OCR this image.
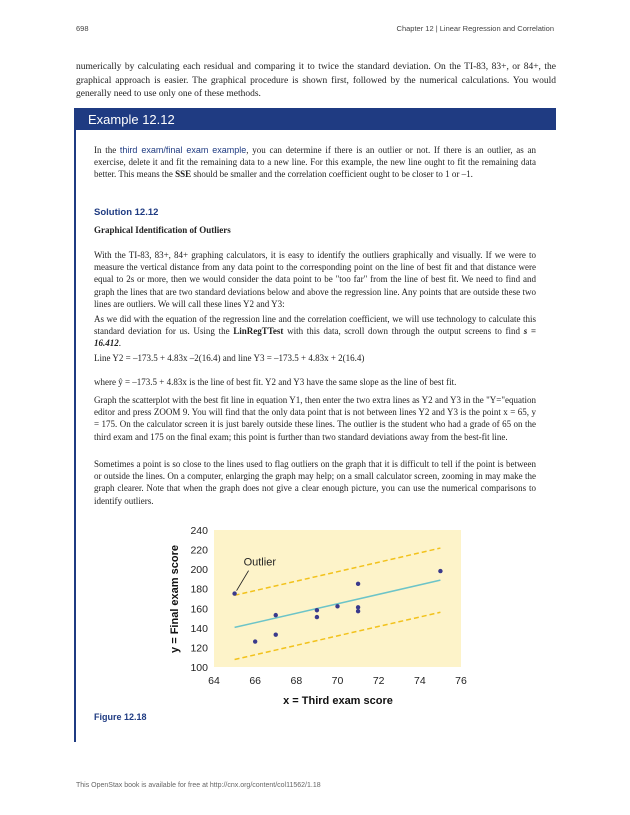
698	Chapter 12 | Linear Regression and Correlation
numerically by calculating each residual and comparing it to twice the standard deviation. On the TI-83, 83+, or 84+, the graphical approach is easier. The graphical procedure is shown first, followed by the numerical calculations. You would generally need to use only one of these methods.
Example 12.12
In the third exam/final exam example, you can determine if there is an outlier or not. If there is an outlier, as an exercise, delete it and fit the remaining data to a new line. For this example, the new line ought to fit the remaining data better. This means the SSE should be smaller and the correlation coefficient ought to be closer to 1 or –1.
Solution 12.12
Graphical Identification of Outliers
With the TI-83, 83+, 84+ graphing calculators, it is easy to identify the outliers graphically and visually. If we were to measure the vertical distance from any data point to the corresponding point on the line of best fit and that distance were equal to 2s or more, then we would consider the data point to be "too far" from the line of best fit. We need to find and graph the lines that are two standard deviations below and above the regression line. Any points that are outside these two lines are outliers. We will call these lines Y2 and Y3:
As we did with the equation of the regression line and the correlation coefficient, we will use technology to calculate this standard deviation for us. Using the LinRegTTest with this data, scroll down through the output screens to find s = 16.412.
Line Y2 = –173.5 + 4.83x –2(16.4) and line Y3 = –173.5 + 4.83x + 2(16.4)
where ŷ = –173.5 + 4.83x is the line of best fit. Y2 and Y3 have the same slope as the line of best fit.
Graph the scatterplot with the best fit line in equation Y1, then enter the two extra lines as Y2 and Y3 in the "Y="equation editor and press ZOOM 9. You will find that the only data point that is not between lines Y2 and Y3 is the point x = 65, y = 175. On the calculator screen it is just barely outside these lines. The outlier is the student who had a grade of 65 on the third exam and 175 on the final exam; this point is further than two standard deviations away from the best-fit line.
Sometimes a point is so close to the lines used to flag outliers on the graph that it is difficult to tell if the point is between or outside the lines. On a computer, enlarging the graph may help; on a small calculator screen, zooming in may make the graph clearer. Note that when the graph does not give a clear enough picture, you can use the numerical comparisons to identify outliers.
64	66	68	70	72	74	76
100
120
140
160
180
200
220
240
Outlier
x = Third exam score
y = Final exam score
Figure 12.18
This OpenStax book is available for free at http://cnx.org/content/col11562/1.18
